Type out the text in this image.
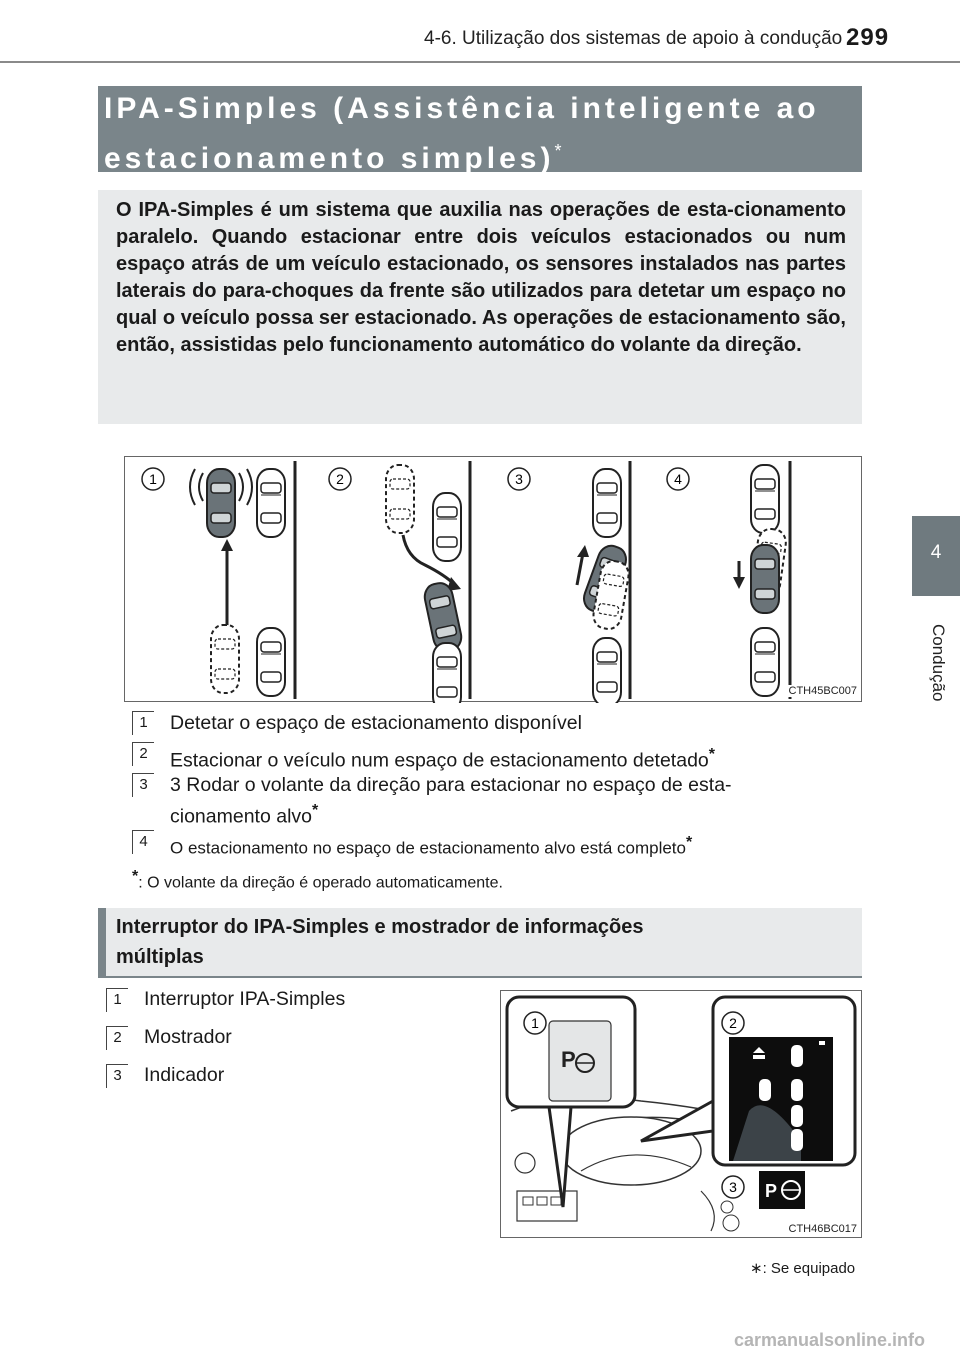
4-6. Utilização dos sistemas de apoio à condução 299
4
Condução
IPA-Simples (Assistência inteligente ao estacionamento simples)*
O IPA-Simples é um sistema que auxilia nas operações de esta-cionamento paralelo. Quando estacionar entre dois veículos estacionados ou num espaço atrás de um veículo estacionado, os sensores instalados nas partes laterais do para-choques da frente são utilizados para detetar um espaço no qual o veículo possa ser estacionado. As operações de estacionamento são, então, assistidas pelo funcionamento automático do volante da direção.
1	2	3	4
CTH45BC007
1	Detetar o espaço de estacionamento disponível
2	Estacionar o veículo num espaço de estacionamento detetado*
3	3 Rodar o volante da direção para estacionar no espaço de esta-
cionamento alvo*
4	O estacionamento no espaço de estacionamento alvo está completo*
*: O volante da direção é operado automaticamente.
Interruptor do IPA-Simples e mostrador de informações
múltiplas
1	Interruptor IPA-Simples
2	Mostrador
3	Indicador
P
1	2
P
3
CTH46BC017
∗: Se equipado
carmanualsonline.info
